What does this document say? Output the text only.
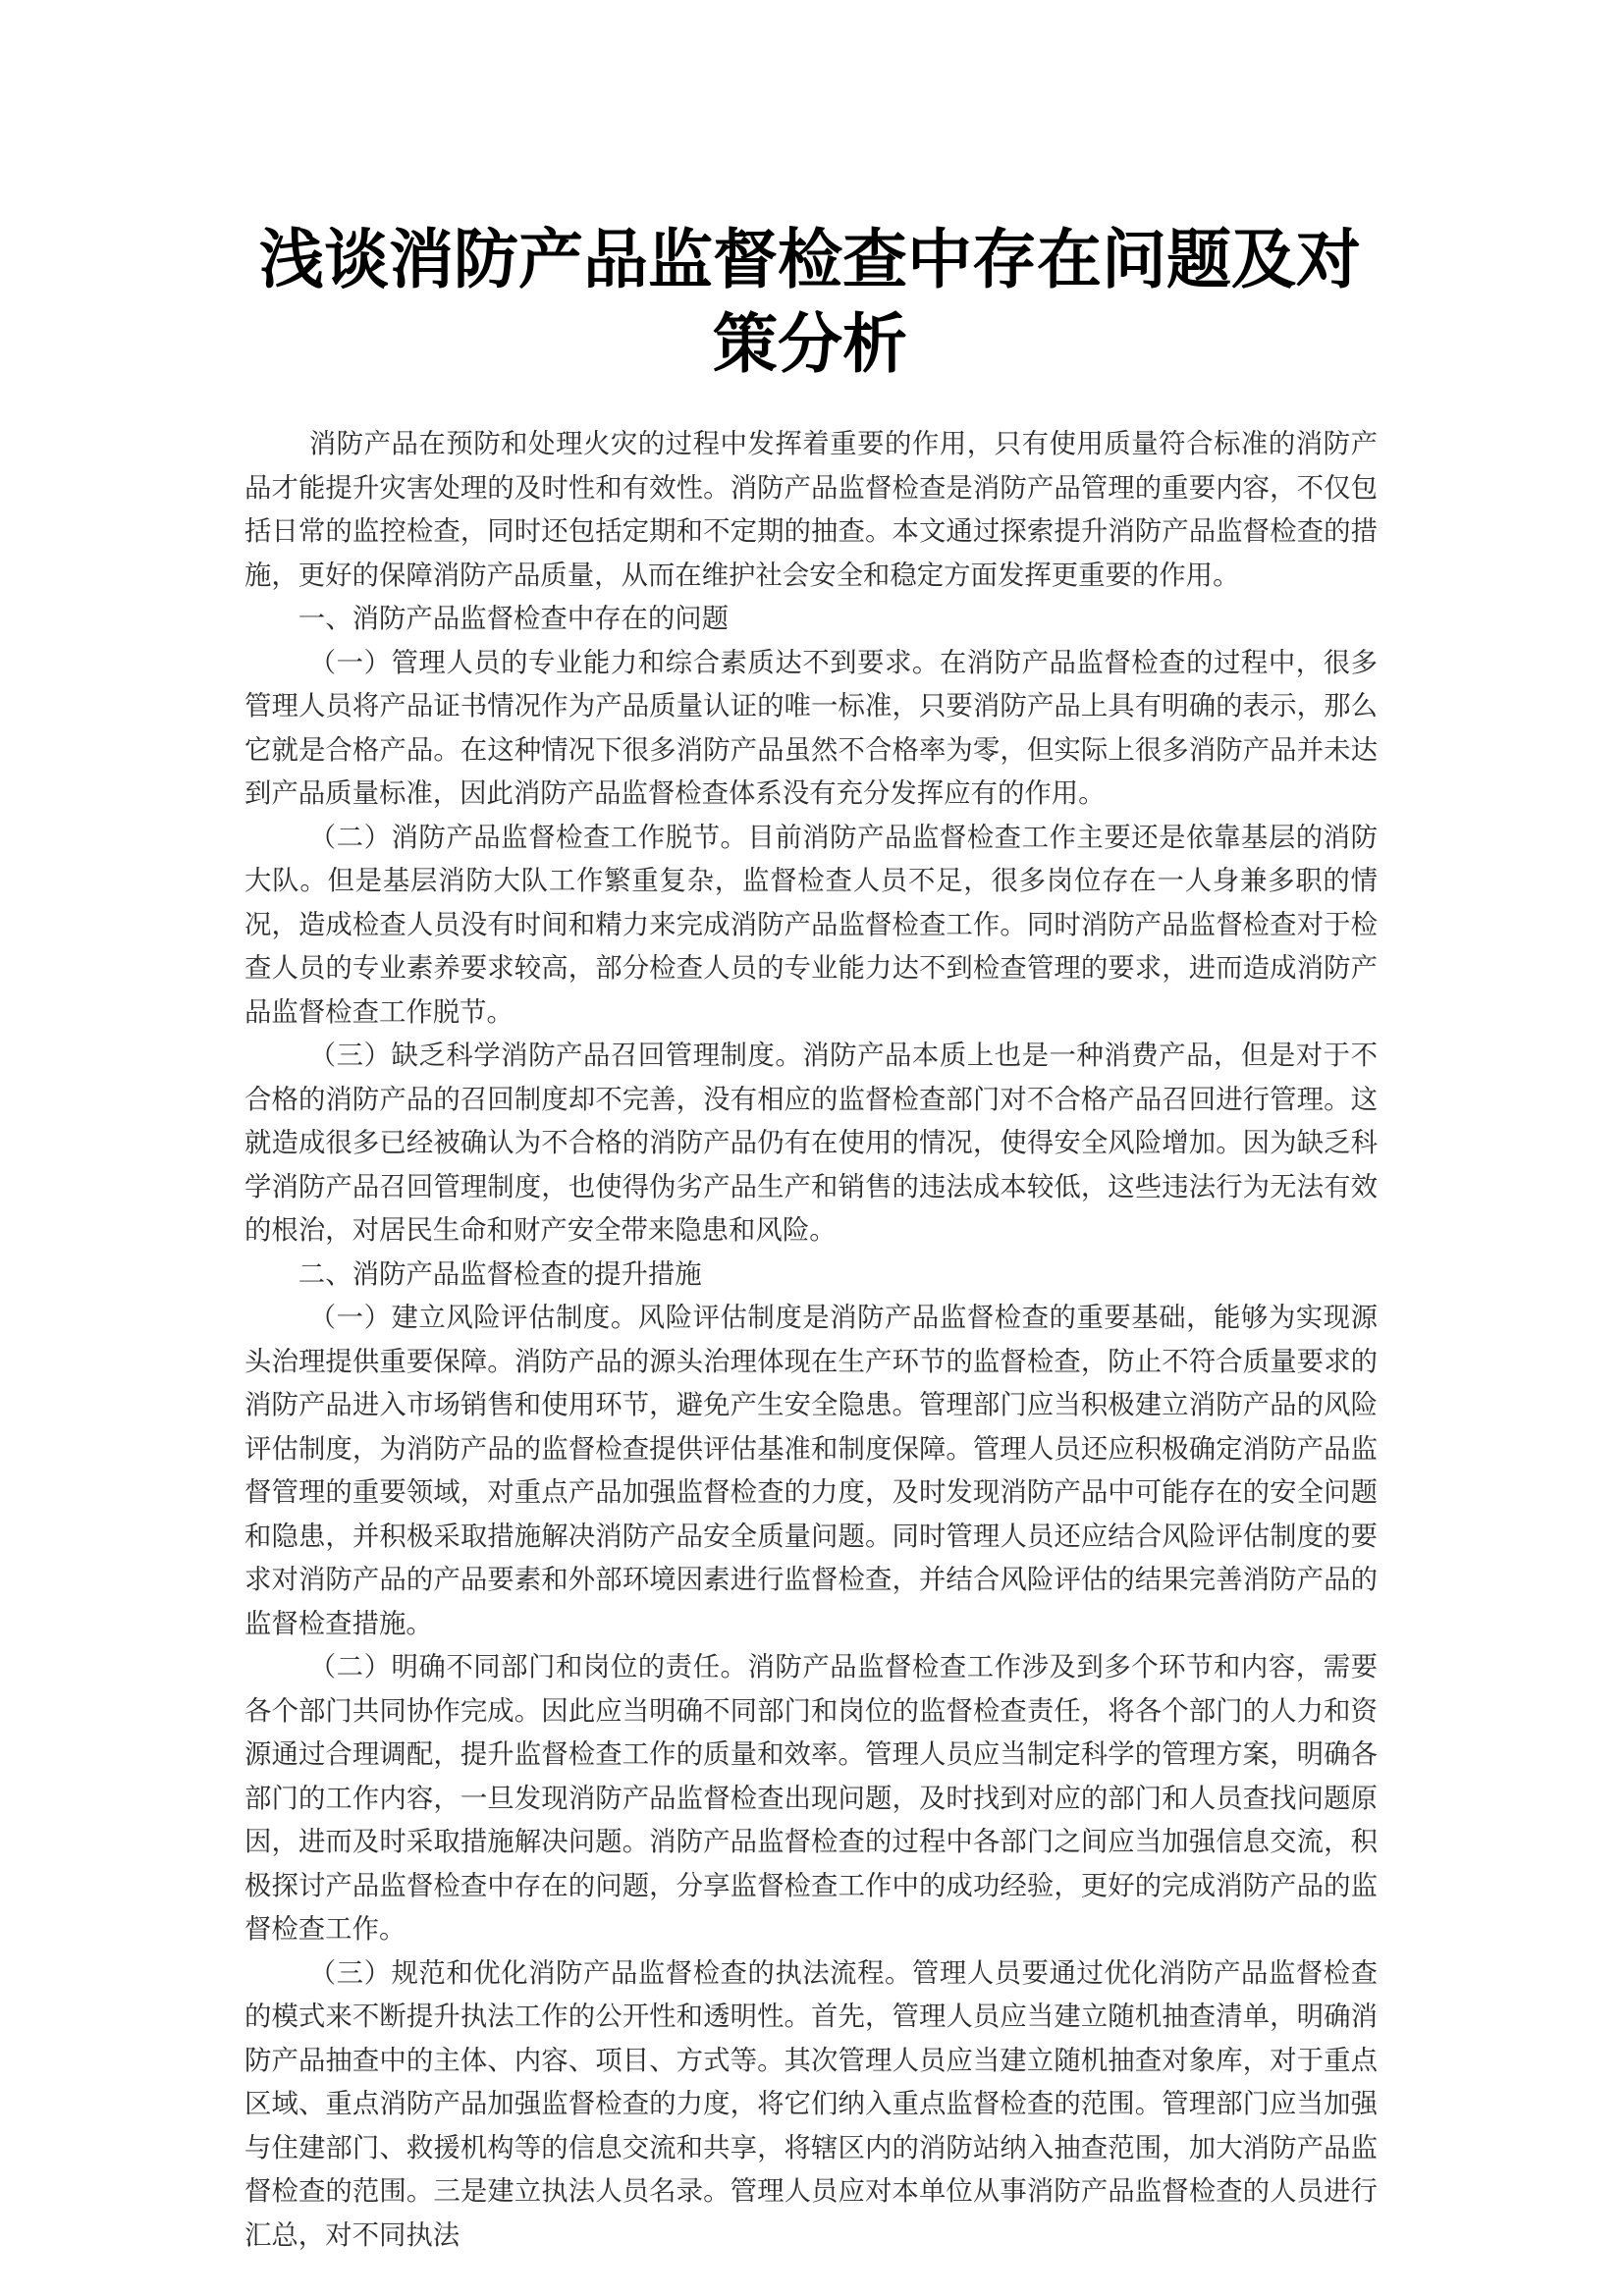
浅谈消防产品监督检查中存在问题及对策分析

消防产品在预防和处理火灾的过程中发挥着重要的作用，只有使用质量符合标准的消防产品才能提升灾害处理的及时性和有效性。消防产品监督检查是消防产品管理的重要内容，不仅包括日常的监控检查，同时还包括定期和不定期的抽查。本文通过探索提升消防产品监督检查的措施，更好的保障消防产品质量，从而在维护社会安全和稳定方面发挥更重要的作用。

一、消防产品监督检查中存在的问题

（一）管理人员的专业能力和综合素质达不到要求。在消防产品监督检查的过程中，很多管理人员将产品证书情况作为产品质量认证的唯一标准，只要消防产品上具有明确的表示，那么它就是合格产品。在这种情况下很多消防产品虽然不合格率为零，但实际上很多消防产品并未达到产品质量标准，因此消防产品监督检查体系没有充分发挥应有的作用。

（二）消防产品监督检查工作脱节。目前消防产品监督检查工作主要还是依靠基层的消防大队。但是基层消防大队工作繁重复杂，监督检查人员不足，很多岗位存在一人身兼多职的情况，造成检查人员没有时间和精力来完成消防产品监督检查工作。同时消防产品监督检查对于检查人员的专业素养要求较高，部分检查人员的专业能力达不到检查管理的要求，进而造成消防产品监督检查工作脱节。

（三）缺乏科学消防产品召回管理制度。消防产品本质上也是一种消费产品，但是对于不合格的消防产品的召回制度却不完善，没有相应的监督检查部门对不合格产品召回进行管理。这就造成很多已经被确认为不合格的消防产品仍有在使用的情况，使得安全风险增加。因为缺乏科学消防产品召回管理制度，也使得伪劣产品生产和销售的违法成本较低，这些违法行为无法有效的根治，对居民生命和财产安全带来隐患和风险。

二、消防产品监督检查的提升措施

（一）建立风险评估制度。风险评估制度是消防产品监督检查的重要基础，能够为实现源头治理提供重要保障。消防产品的源头治理体现在生产环节的监督检查，防止不符合质量要求的消防产品进入市场销售和使用环节，避免产生安全隐患。管理部门应当积极建立消防产品的风险评估制度，为消防产品的监督检查提供评估基准和制度保障。管理人员还应积极确定消防产品监督管理的重要领域，对重点产品加强监督检查的力度，及时发现消防产品中可能存在的安全问题和隐患，并积极采取措施解决消防产品安全质量问题。同时管理人员还应结合风险评估制度的要求对消防产品的产品要素和外部环境因素进行监督检查，并结合风险评估的结果完善消防产品的监督检查措施。

（二）明确不同部门和岗位的责任。消防产品监督检查工作涉及到多个环节和内容，需要各个部门共同协作完成。因此应当明确不同部门和岗位的监督检查责任，将各个部门的人力和资源通过合理调配，提升监督检查工作的质量和效率。管理人员应当制定科学的管理方案，明确各部门的工作内容，一旦发现消防产品监督检查出现问题，及时找到对应的部门和人员查找问题原因，进而及时采取措施解决问题。消防产品监督检查的过程中各部门之间应当加强信息交流，积极探讨产品监督检查中存在的问题，分享监督检查工作中的成功经验，更好的完成消防产品的监督检查工作。

（三）规范和优化消防产品监督检查的执法流程。管理人员要通过优化消防产品监督检查的模式来不断提升执法工作的公开性和透明性。首先，管理人员应当建立随机抽查清单，明确消防产品抽查中的主体、内容、项目、方式等。其次管理人员应当建立随机抽查对象库，对于重点区域、重点消防产品加强监督检查的力度，将它们纳入重点监督检查的范围。管理部门应当加强与住建部门、救援机构等的信息交流和共享，将辖区内的消防站纳入抽查范围，加大消防产品监督检查的范围。三是建立执法人员名录。管理人员应对本单位从事消防产品监督检查的人员进行汇总，对不同执法
